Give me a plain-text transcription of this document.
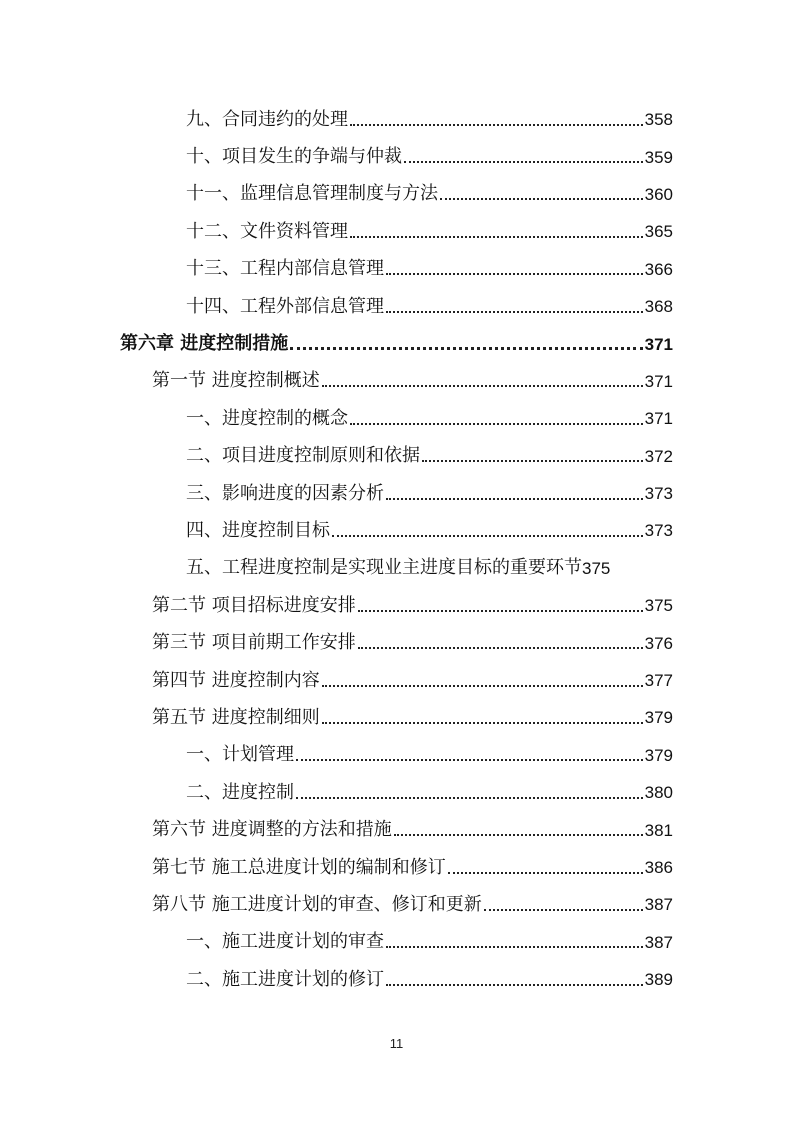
九、合同违约的处理	358
十、项目发生的争端与仲裁	359
十一、监理信息管理制度与方法	360
十二、文件资料管理	365
十三、工程内部信息管理	366
十四、工程外部信息管理	368
第六章 进度控制措施	371
第一节 进度控制概述	371
一、进度控制的概念	371
二、项目进度控制原则和依据	372
三、影响进度的因素分析	373
四、进度控制目标	373
五、工程进度控制是实现业主进度目标的重要环节 375
第二节 项目招标进度安排	375
第三节 项目前期工作安排	376
第四节 进度控制内容	377
第五节 进度控制细则	379
一、计划管理	379
二、进度控制	380
第六节 进度调整的方法和措施	381
第七节 施工总进度计划的编制和修订	386
第八节 施工进度计划的审查、修订和更新	387
一、施工进度计划的审查	387
二、施工进度计划的修订	389
11
